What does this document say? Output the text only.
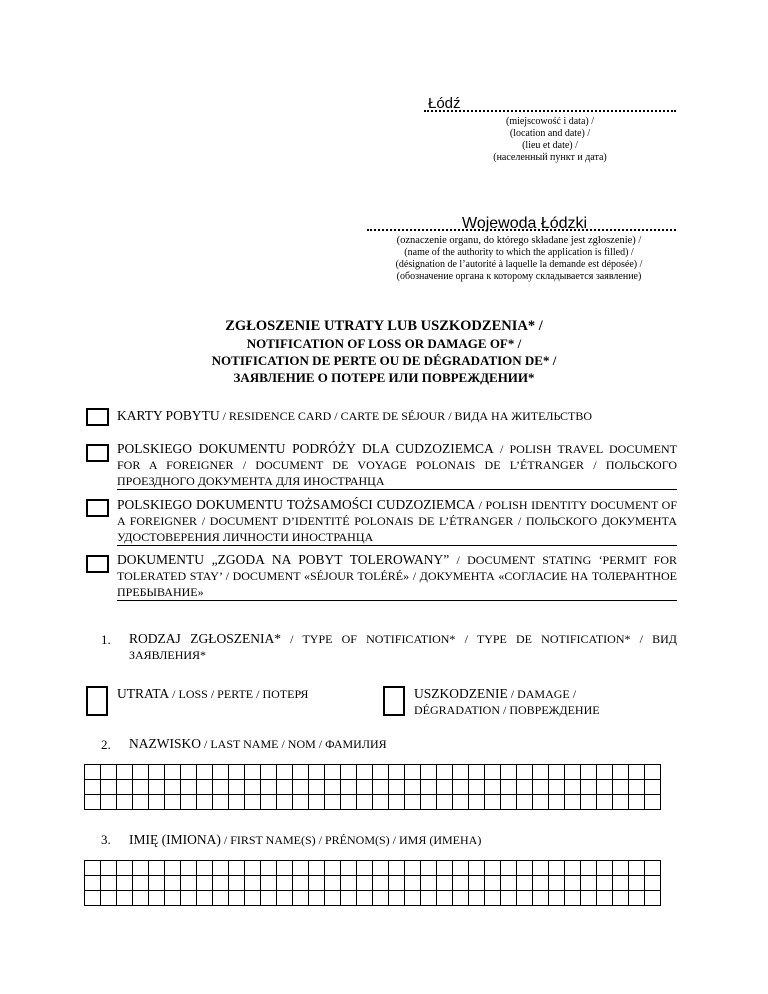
Łódź
(miejscowość i data) /
(location and date) /
(lieu et date) /
(населенный пункт и дата)
Wojewoda Łódzki
(oznaczenie organu, do którego składane jest zgłoszenie) /
(name of the authority to which the application is filled) /
(désignation de l’autorité à laquelle la demande est déposée) /
(обозначение органа к которому складывается заявление)
ZGŁOSZENIE UTRATY LUB USZKODZENIA* /
NOTIFICATION OF LOSS OR DAMAGE OF* /
NOTIFICATION DE PERTE OU DE DÉGRADATION DE* /
ЗАЯВЛЕНИЕ О ПОТЕРЕ ИЛИ ПОВРЕЖДЕНИИ*
KARTY POBYTU / RESIDENCE CARD / CARTE DE SÉJOUR / ВИДА НА ЖИТЕЛЬСТВО
POLSKIEGO DOKUMENTU PODRÓŻY DLA CUDZOZIEMCA / POLISH TRAVEL DOCUMENT FOR A FOREIGNER / DOCUMENT DE VOYAGE POLONAIS DE L’ÉTRANGER / ПОЛЬСКОГО ПРОЕЗДНОГО ДОКУМЕНТА ДЛЯ ИНОСТРАНЦА
POLSKIEGO DOKUMENTU TOŻSAMOŚCI CUDZOZIEMCA / POLISH IDENTITY DOCUMENT OF A FOREIGNER / DOCUMENT D’IDENTITÉ POLONAIS DE L’ÉTRANGER / ПОЛЬСКОГО ДОКУМЕНТА УДОСТОВЕРЕНИЯ ЛИЧНОСТИ ИНОСТРАНЦА
DOKUMENTU „ZGODA NA POBYT TOLEROWANY” / DOCUMENT STATING ‘PERMIT FOR TOLERATED STAY’ / DOCUMENT «SÉJOUR TOLÉRÉ» / ДОКУМЕНТА «СОГЛАСИЕ НА ТОЛЕРАНТНОЕ ПРЕБЫВАНИЕ»
1. RODZAJ ZGŁOSZENIA* / TYPE OF NOTIFICATION* / TYPE DE NOTIFICATION* / ВИД ЗАЯВЛЕНИЯ*
UTRATA / LOSS / PERTE / ПОТЕРЯ	USZKODZENIE / DAMAGE / DÉGRADATION / ПОВРЕЖДЕНИЕ
2. NAZWISKO / LAST NAME / NOM / ФАМИЛИЯ

3. IMIĘ (IMIONA) / FIRST NAME(S) / PRÉNOM(S) / ИМЯ (ИМЕНА)
